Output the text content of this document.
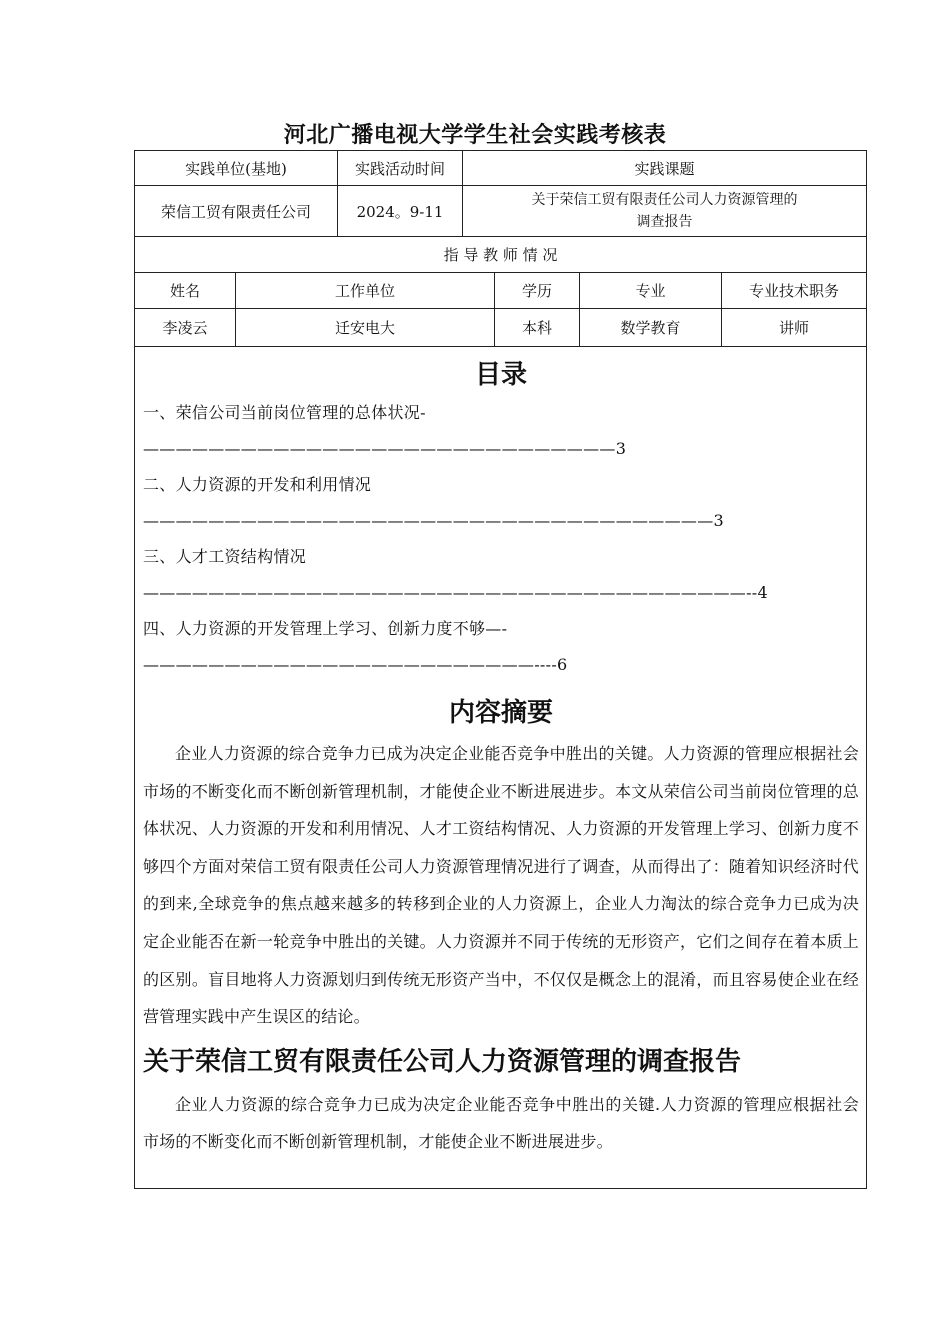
河北广播电视大学学生社会实践考核表
实践单位(基地)	实践活动时间	实践课题
荣信工贸有限责任公司	2024。9-11
关于荣信工贸有限责任公司人力资源管理的
调查报告
指 导 教 师 情 况
姓名	工作单位	学历	专业	专业技术职务
李凌云	迁安电大	本科	数学教育	讲师
目录
一、荣信公司当前岗位管理的总体状况-—————————————————————————————3
二、人力资源的开发和利用情况 ———————————————————————————————————3
三、人才工资结构情况—————————————————————————————————————--4
四、人力资源的开发管理上学习、创新力度不够—-————————————————————————----6
内容摘要
企业人力资源的综合竞争力已成为决定企业能否竞争中胜出的关键。人力资源的管理应根据社会市场的不断变化而不断创新管理机制，才能使企业不断进展进步。本文从荣信公司当前岗位管理的总体状况、人力资源的开发和利用情况、人才工资结构情况、人力资源的开发管理上学习、创新力度不够四个方面对荣信工贸有限责任公司人力资源管理情况进行了调查，从而得出了：随着知识经济时代的到来,全球竞争的焦点越来越多的转移到企业的人力资源上，企业人力淘汰的综合竞争力已成为决定企业能否在新一轮竞争中胜出的关键。人力资源并不同于传统的无形资产，它们之间存在着本质上的区别。盲目地将人力资源划归到传统无形资产当中，不仅仅是概念上的混淆，而且容易使企业在经营管理实践中产生误区的结论。
关于荣信工贸有限责任公司人力资源管理的调查报告
企业人力资源的综合竞争力已成为决定企业能否竞争中胜出的关键.人力资源的管理应根据社会市场的不断变化而不断创新管理机制，才能使企业不断进展进步。
